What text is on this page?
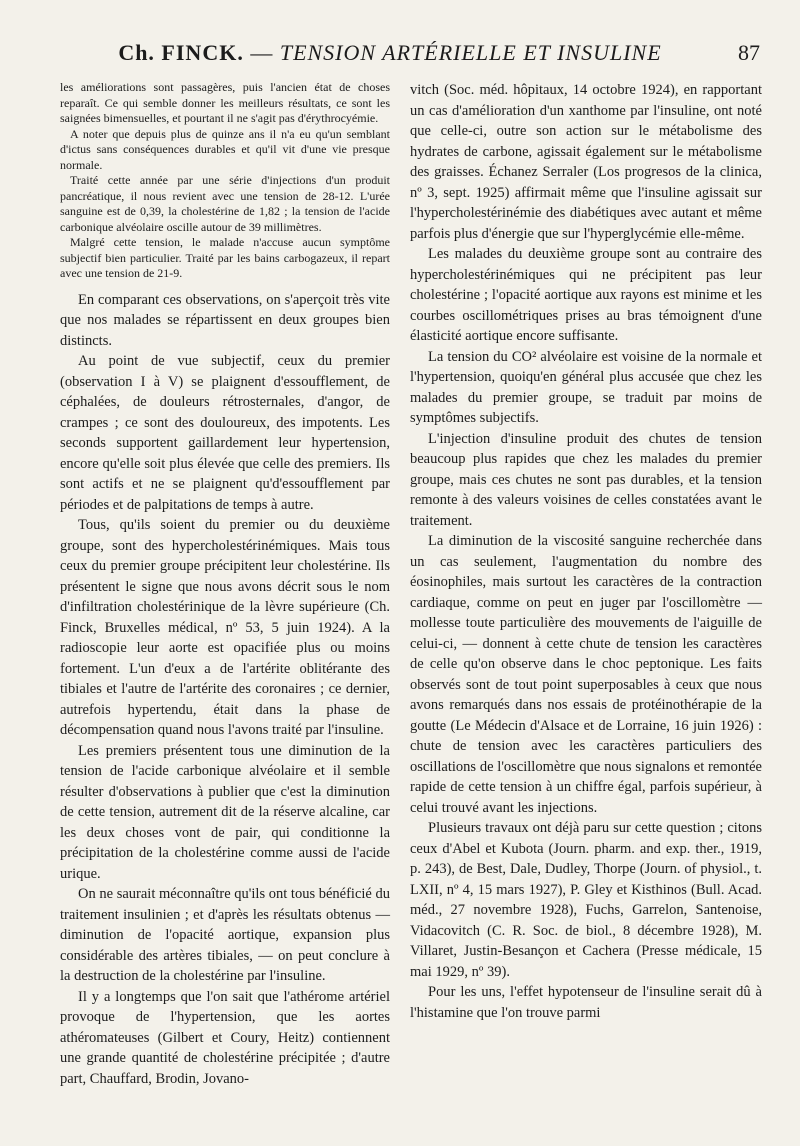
Ch. FINCK. — TENSION ARTÉRIELLE ET INSULINE	87

les améliorations sont passagères, puis l'ancien état de choses reparaît. Ce qui semble donner les meilleurs résultats, ce sont les saignées bimensuelles, et pourtant il ne s'agit pas d'érythrocyémie.

A noter que depuis plus de quinze ans il n'a eu qu'un semblant d'ictus sans conséquences durables et qu'il vit d'une vie presque normale.

Traité cette année par une série d'injections d'un produit pancréatique, il nous revient avec une tension de 28-12. L'urée sanguine est de 0,39, la cholestérine de 1,82 ; la tension de l'acide carbonique alvéolaire oscille autour de 39 millimètres.

Malgré cette tension, le malade n'accuse aucun symptôme subjectif bien particulier. Traité par les bains carbogazeux, il repart avec une tension de 21-9.

En comparant ces observations, on s'aperçoit très vite que nos malades se répartissent en deux groupes bien distincts.

Au point de vue subjectif, ceux du premier (observation I à V) se plaignent d'essoufflement, de céphalées, de douleurs rétrosternales, d'angor, de crampes ; ce sont des douloureux, des impotents. Les seconds supportent gaillardement leur hypertension, encore qu'elle soit plus élevée que celle des premiers. Ils sont actifs et ne se plaignent qu'd'essoufflement par périodes et de palpitations de temps à autre.

Tous, qu'ils soient du premier ou du deuxième groupe, sont des hypercholestérinémiques. Mais tous ceux du premier groupe précipitent leur cholestérine. Ils présentent le signe que nous avons décrit sous le nom d'infiltration cholestérinique de la lèvre supérieure (Ch. Finck, Bruxelles médical, nº 53, 5 juin 1924). A la radioscopie leur aorte est opacifiée plus ou moins fortement. L'un d'eux a de l'artérite oblitérante des tibiales et l'autre de l'artérite des coronaires ; ce dernier, autrefois hypertendu, était dans la phase de décompensation quand nous l'avons traité par l'insuline.

Les premiers présentent tous une diminution de la tension de l'acide carbonique alvéolaire et il semble résulter d'observations à publier que c'est la diminution de cette tension, autrement dit de la réserve alcaline, car les deux choses vont de pair, qui conditionne la précipitation de la cholestérine comme aussi de l'acide urique.

On ne saurait méconnaître qu'ils ont tous bénéficié du traitement insulinien ; et d'après les résultats obtenus — diminution de l'opacité aortique, expansion plus considérable des artères tibiales, — on peut conclure à la destruction de la cholestérine par l'insuline.

Il y a longtemps que l'on sait que l'athérome artériel provoque de l'hypertension, que les aortes athéromateuses (Gilbert et Coury, Heitz) contiennent une grande quantité de cholestérine précipitée ; d'autre part, Chauffard, Brodin, Jovano-

vitch (Soc. méd. hôpitaux, 14 octobre 1924), en rapportant un cas d'amélioration d'un xanthome par l'insuline, ont noté que celle-ci, outre son action sur le métabolisme des hydrates de carbone, agissait également sur le métabolisme des graisses. Échanez Serraler (Los progresos de la clinica, nº 3, sept. 1925) affirmait même que l'insuline agissait sur l'hypercholestérinémie des diabétiques avec autant et même parfois plus d'énergie que sur l'hyperglycémie elle-même.

Les malades du deuxième groupe sont au contraire des hypercholestérinémiques qui ne précipitent pas leur cholestérine ; l'opacité aortique aux rayons est minime et les courbes oscillométriques prises au bras témoignent d'une élasticité aortique encore suffisante.

La tension du CO² alvéolaire est voisine de la normale et l'hypertension, quoiqu'en général plus accusée que chez les malades du premier groupe, se traduit par moins de symptômes subjectifs.

L'injection d'insuline produit des chutes de tension beaucoup plus rapides que chez les malades du premier groupe, mais ces chutes ne sont pas durables, et la tension remonte à des valeurs voisines de celles constatées avant le traitement.

La diminution de la viscosité sanguine recherchée dans un cas seulement, l'augmentation du nombre des éosinophiles, mais surtout les caractères de la contraction cardiaque, comme on peut en juger par l'oscillomètre — mollesse toute particulière des mouvements de l'aiguille de celui-ci, — donnent à cette chute de tension les caractères de celle qu'on observe dans le choc peptonique. Les faits observés sont de tout point superposables à ceux que nous avons remarqués dans nos essais de protéinothérapie de la goutte (Le Médecin d'Alsace et de Lorraine, 16 juin 1926) : chute de tension avec les caractères particuliers des oscillations de l'oscillomètre que nous signalons et remontée rapide de cette tension à un chiffre égal, parfois supérieur, à celui trouvé avant les injections.

Plusieurs travaux ont déjà paru sur cette question ; citons ceux d'Abel et Kubota (Journ. pharm. and exp. ther., 1919, p. 243), de Best, Dale, Dudley, Thorpe (Journ. of physiol., t. LXII, nº 4, 15 mars 1927), P. Gley et Kisthinos (Bull. Acad. méd., 27 novembre 1928), Fuchs, Garrelon, Santenoise, Vidacovitch (C. R. Soc. de biol., 8 décembre 1928), M. Villaret, Justin-Besançon et Cachera (Presse médicale, 15 mai 1929, nº 39).

Pour les uns, l'effet hypotenseur de l'insuline serait dû à l'histamine que l'on trouve parmi
